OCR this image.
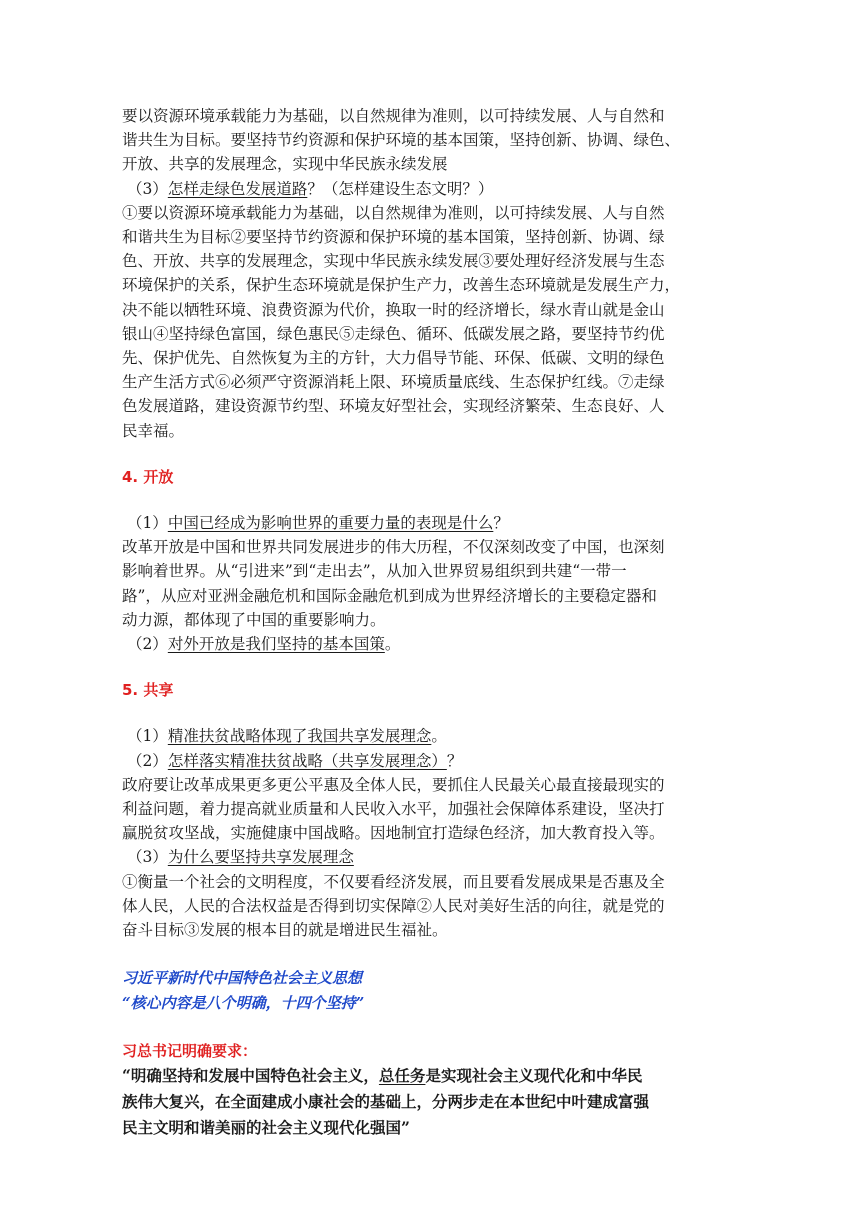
要以资源环境承载能力为基础，以自然规律为准则，以可持续发展、人与自然和
谐共生为目标。要坚持节约资源和保护环境的基本国策，坚持创新、协调、绿色、
开放、共享的发展理念，实现中华民族永续发展
（3）怎样走绿色发展道路？（怎样建设生态文明？）
①要以资源环境承载能力为基础，以自然规律为准则，以可持续发展、人与自然
和谐共生为目标②要坚持节约资源和保护环境的基本国策，坚持创新、协调、绿
色、开放、共享的发展理念，实现中华民族永续发展③要处理好经济发展与生态
环境保护的关系，保护生态环境就是保护生产力，改善生态环境就是发展生产力，
决不能以牺牲环境、浪费资源为代价，换取一时的经济增长，绿水青山就是金山
银山④坚持绿色富国，绿色惠民⑤走绿色、循环、低碳发展之路，要坚持节约优
先、保护优先、自然恢复为主的方针，大力倡导节能、环保、低碳、文明的绿色
生产生活方式⑥必须严守资源消耗上限、环境质量底线、生态保护红线。⑦走绿
色发展道路，建设资源节约型、环境友好型社会，实现经济繁荣、生态良好、人
民幸福。

4. 开放

（1）中国已经成为影响世界的重要力量的表现是什么？
改革开放是中国和世界共同发展进步的伟大历程，不仅深刻改变了中国，也深刻
影响着世界。从“引进来”到“走出去”，从加入世界贸易组织到共建“一带一
路”，从应对亚洲金融危机和国际金融危机到成为世界经济增长的主要稳定器和
动力源，都体现了中国的重要影响力。
（2）对外开放是我们坚持的基本国策。

5. 共享

（1）精准扶贫战略体现了我国共享发展理念。
（2）怎样落实精准扶贫战略（共享发展理念）？
政府要让改革成果更多更公平惠及全体人民，要抓住人民最关心最直接最现实的
利益问题，着力提高就业质量和人民收入水平，加强社会保障体系建设，坚决打
赢脱贫攻坚战，实施健康中国战略。因地制宜打造绿色经济，加大教育投入等。
（3）为什么要坚持共享发展理念
①衡量一个社会的文明程度，不仅要看经济发展，而且要看发展成果是否惠及全
体人民，人民的合法权益是否得到切实保障②人民对美好生活的向往，就是党的
奋斗目标③发展的根本目的就是增进民生福祉。
习近平新时代中国特色社会主义思想
“核心内容是八个明确，十四个坚持”
习总书记明确要求：
“明确坚持和发展中国特色社会主义，总任务是实现社会主义现代化和中华民
族伟大复兴，在全面建成小康社会的基础上，分两步走在本世纪中叶建成富强
民主文明和谐美丽的社会主义现代化强国”
